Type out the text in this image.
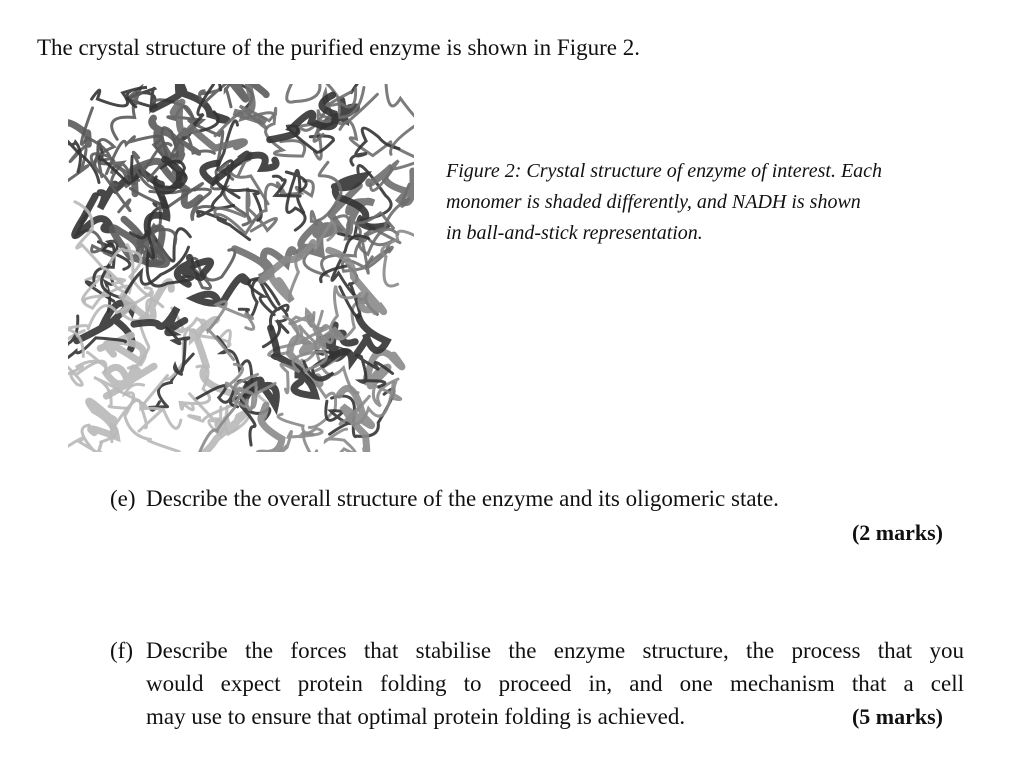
The crystal structure of the purified enzyme is shown in Figure 2.
Figure 2: Crystal structure of enzyme of interest. Each
monomer is shaded differently, and NADH is shown
in ball-and-stick representation.
(e) Describe the overall structure of the enzyme and its oligomeric state.
(2 marks)
(f) Describe the forces that stabilise the enzyme structure, the process that you
would expect protein folding to proceed in, and one mechanism that a cell
may use to ensure that optimal protein folding is achieved.	(5 marks)
